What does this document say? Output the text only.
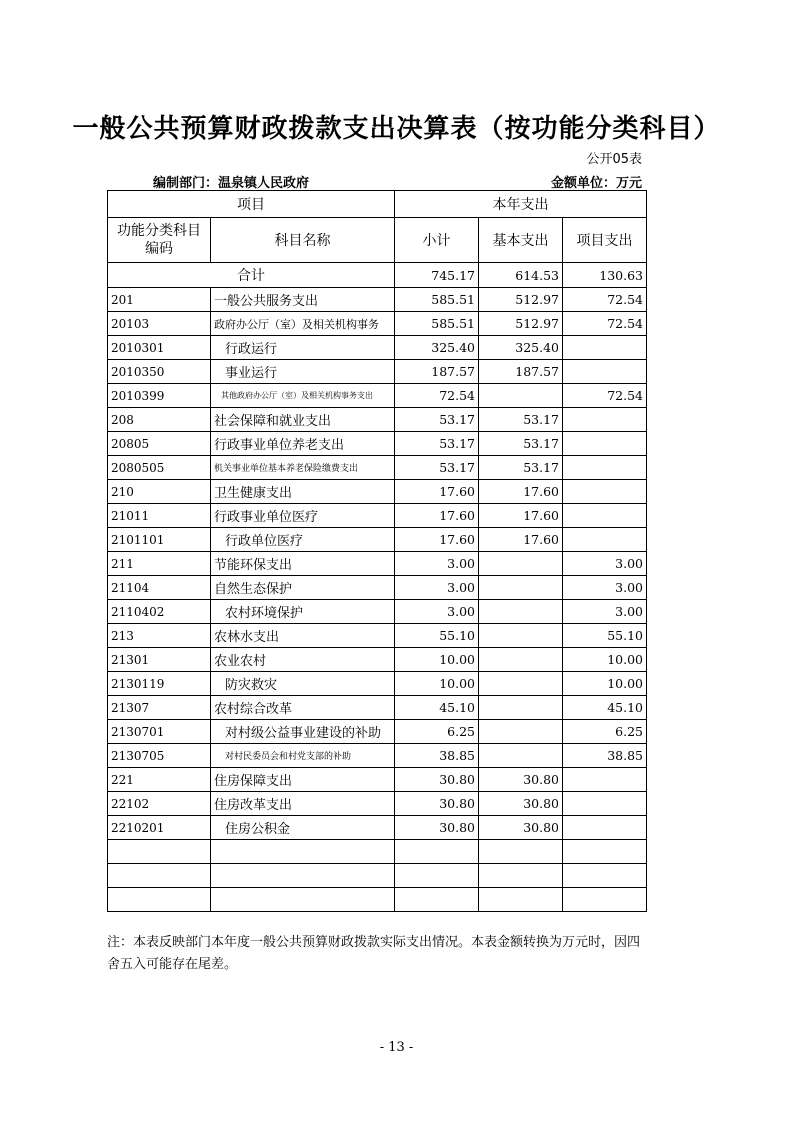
一般公共预算财政拨款支出决算表（按功能分类科目）
公开05表
编制部门：温泉镇人民政府	金额单位：万元
项目		本年支出		
功能分类科目编码	科目名称	小计	基本支出	项目支出
合计		745.17	614.53	130.63
201	一般公共服务支出	585.51	512.97	72.54
20103	政府办公厅（室）及相关机构事务	585.51	512.97	72.54
2010301	行政运行	325.40	325.40	
2010350	事业运行	187.57	187.57	
2010399	其他政府办公厅（室）及相关机构事务支出	72.54		72.54
208	社会保障和就业支出	53.17	53.17	
20805	行政事业单位养老支出	53.17	53.17	
2080505	机关事业单位基本养老保险缴费支出	53.17	53.17	
210	卫生健康支出	17.60	17.60	
21011	行政事业单位医疗	17.60	17.60	
2101101	行政单位医疗	17.60	17.60	
211	节能环保支出	3.00		3.00
21104	自然生态保护	3.00		3.00
2110402	农村环境保护	3.00		3.00
213	农林水支出	55.10		55.10
21301	农业农村	10.00		10.00
2130119	防灾救灾	10.00		10.00
21307	农村综合改革	45.10		45.10
2130701	对村级公益事业建设的补助	6.25		6.25
2130705	对村民委员会和村党支部的补助	38.85		38.85
221	住房保障支出	30.80	30.80	
22102	住房改革支出	30.80	30.80	
2210201	住房公积金	30.80	30.80	

注：本表反映部门本年度一般公共预算财政拨款实际支出情况。本表金额转换为万元时，因四舍五入可能存在尾差。
- 13 -
